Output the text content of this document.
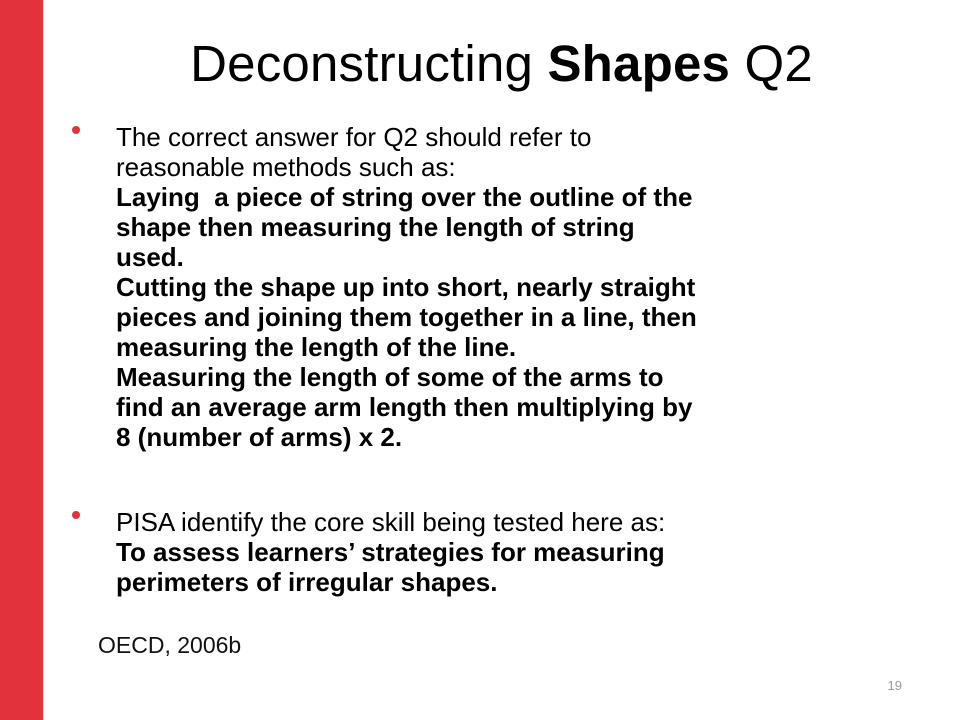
Deconstructing Shapes Q2

The correct answer for Q2 should refer to

reasonable methods such as:

Laying  a piece of string over the outline of the

shape then measuring the length of string

used.

Cutting the shape up into short, nearly straight

pieces and joining them together in a line, then

measuring the length of the line.

Measuring the length of some of the arms to

find an average arm length then multiplying by

8 (number of arms) x 2.

PISA identify the core skill being tested here as:

To assess learners’ strategies for measuring

perimeters of irregular shapes.

OECD, 2006b
19
